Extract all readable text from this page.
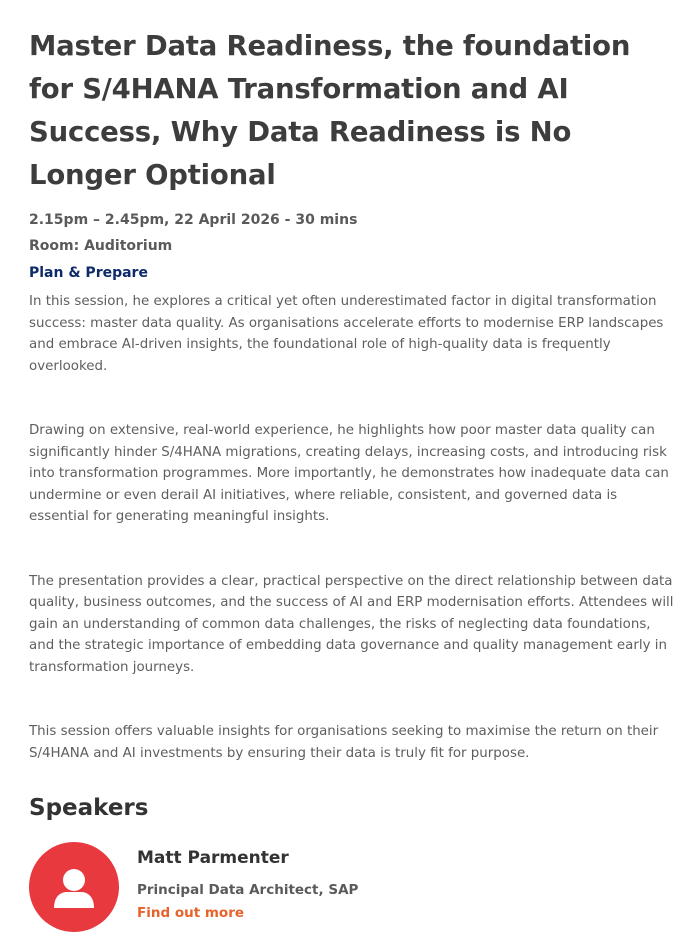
Master Data Readiness, the foundation for S/4HANA Transformation and AI Success, Why Data Readiness is No Longer Optional
2.15pm – 2.45pm, 22 April 2026 - 30 mins
Room: Auditorium
Plan & Prepare

In this session, he explores a critical yet often underestimated factor in digital transformation success: master data quality. As organisations accelerate efforts to modernise ERP landscapes and embrace AI-driven insights, the foundational role of high-quality data is frequently overlooked.

Drawing on extensive, real-world experience, he highlights how poor master data quality can significantly hinder S/4HANA migrations, creating delays, increasing costs, and introducing risk into transformation programmes. More importantly, he demonstrates how inadequate data can undermine or even derail AI initiatives, where reliable, consistent, and governed data is essential for generating meaningful insights.

The presentation provides a clear, practical perspective on the direct relationship between data quality, business outcomes, and the success of AI and ERP modernisation efforts. Attendees will gain an understanding of common data challenges, the risks of neglecting data foundations, and the strategic importance of embedding data governance and quality management early in transformation journeys.

This session offers valuable insights for organisations seeking to maximise the return on their S/4HANA and AI investments by ensuring their data is truly fit for purpose.

Speakers
Matt Parmenter
Principal Data Architect, SAP
Find out more
